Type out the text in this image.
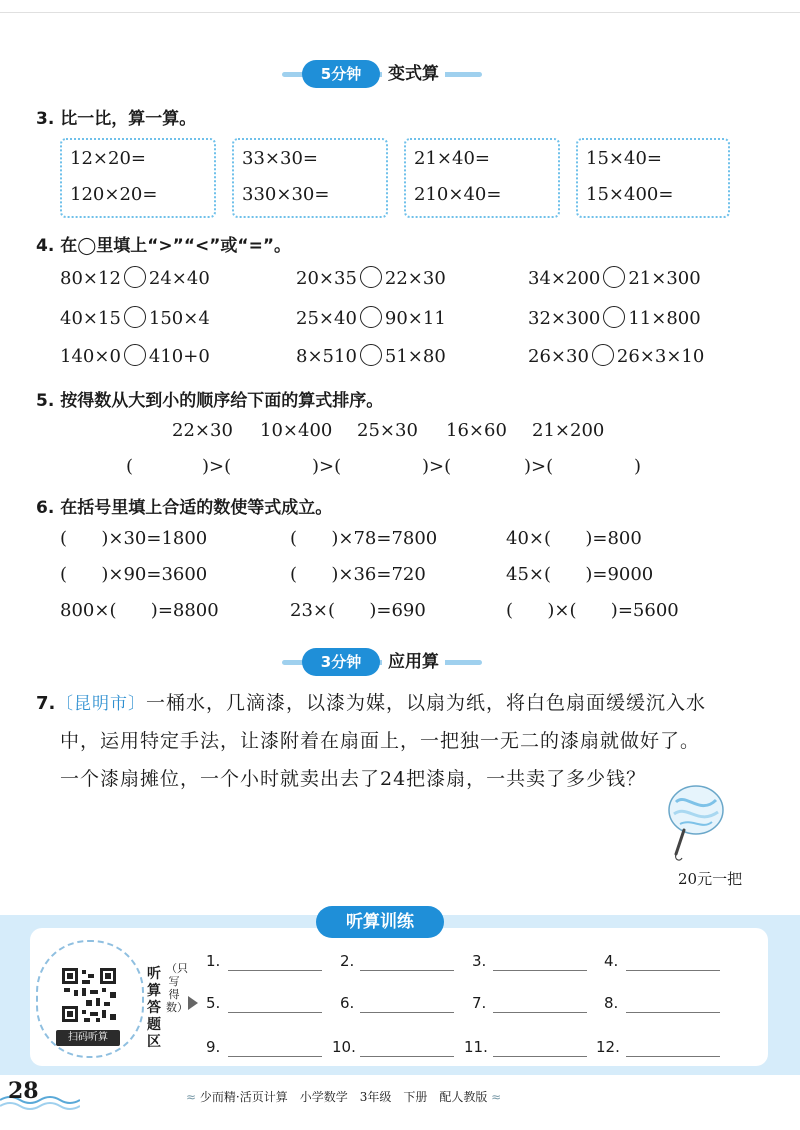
5分钟	变式算
3. 比一比，算一算。
12×20=
120×20=
33×30=
330×30=
21×40=
210×40=
15×40=
15×400=
4. 在◯里填上“>”“<”或“=”。
80×12 24×40	20×35 22×30	34×200 21×300
40×15 150×4	25×40 90×11	32×300 11×800
140×0 410+0	8×510 51×80	26×30 26×3×10
5. 按得数从大到小的顺序给下面的算式排序。
22×30 10×400 25×30 16×60 21×200
(	)>(	)>(	)>(	)>(	)
6. 在括号里填上合适的数使等式成立。
(      )×30=1800	(      )×78=7800	40×(      )=800
(      )×90=3600	(      )×36=720	45×(      )=9000
800×(      )=8800	23×(      )=690	(      )×(      )=5600
3分钟	应用算
7. 〔昆明市〕一桶水，几滴漆，以漆为媒，以扇为纸，将白色扇面缓缓沉入水
中，运用特定手法，让漆附着在扇面上，一把独一无二的漆扇就做好了。
一个漆扇摊位，一个小时就卖出去了24把漆扇，一共卖了多少钱？
20元一把
听算训练
扫码听算
听算答题区
（只写得数）
1.	2.	3.	4.
5.	6.	7.	8.
9.	10.	11.	12.
28	≈ 少而精·活页计算　小学数学　3年级　下册　配人教版 ≈
